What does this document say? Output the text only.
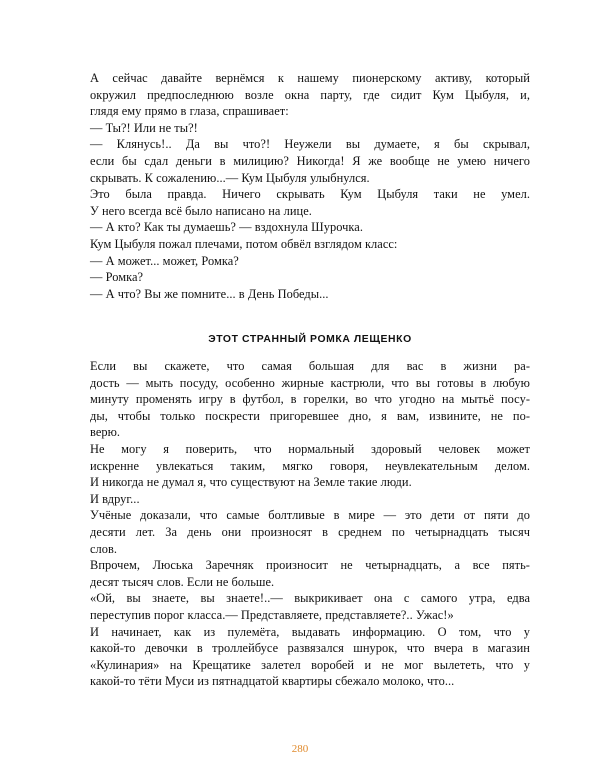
А сейчас давайте вернёмся к нашему пионерскому активу, который
окружил предпоследнюю возле окна парту, где сидит Кум Цыбуля, и,
глядя ему прямо в глаза, спрашивает:
— Ты?! Или не ты?!
— Клянусь!.. Да вы что?! Неужели вы думаете, я бы скрывал,
если бы сдал деньги в милицию? Никогда! Я же вообще не умею ничего
скрывать. К сожалению...— Кум Цыбуля улыбнулся.
Это была правда. Ничего скрывать Кум Цыбуля таки не умел.
У него всегда всё было написано на лице.
— А кто? Как ты думаешь? — вздохнула Шурочка.
Кум Цыбуля пожал плечами, потом обвёл взглядом класс:
— А может... может, Ромка?
— Ромка?
— А что? Вы же помните... в День Победы...
ЭТОТ СТРАННЫЙ РОМКА ЛЕЩЕНКО
Если вы скажете, что самая большая для вас в жизни ра-
дость — мыть посуду, особенно жирные кастрюли, что вы готовы в любую
минуту променять игру в футбол, в горелки, во что угодно на мытьё посу-
ды, чтобы только поскрести пригоревшее дно, я вам, извините, не по-
верю.
Не могу я поверить, что нормальный здоровый человек может
искренне увлекаться таким, мягко говоря, неувлекательным делом.
И никогда не думал я, что существуют на Земле такие люди.
И вдруг...
Учёные доказали, что самые болтливые в мире — это дети от пяти до
десяти лет. За день они произносят в среднем по четырнадцать тысяч
слов.
Впрочем, Люська Заречняк произносит не четырнадцать, а все пять-
десят тысяч слов. Если не больше.
«Ой, вы знаете, вы знаете!..— выкрикивает она с самого утра, едва
переступив порог класса.— Представляете, представляете?.. Ужас!»
И начинает, как из пулемёта, выдавать информацию. О том, что у
какой-то девочки в троллейбусе развязался шнурок, что вчера в магазин
«Кулинария» на Крещатике залетел воробей и не мог вылететь, что у
какой-то тёти Муси из пятнадцатой квартиры сбежало молоко, что...
280
